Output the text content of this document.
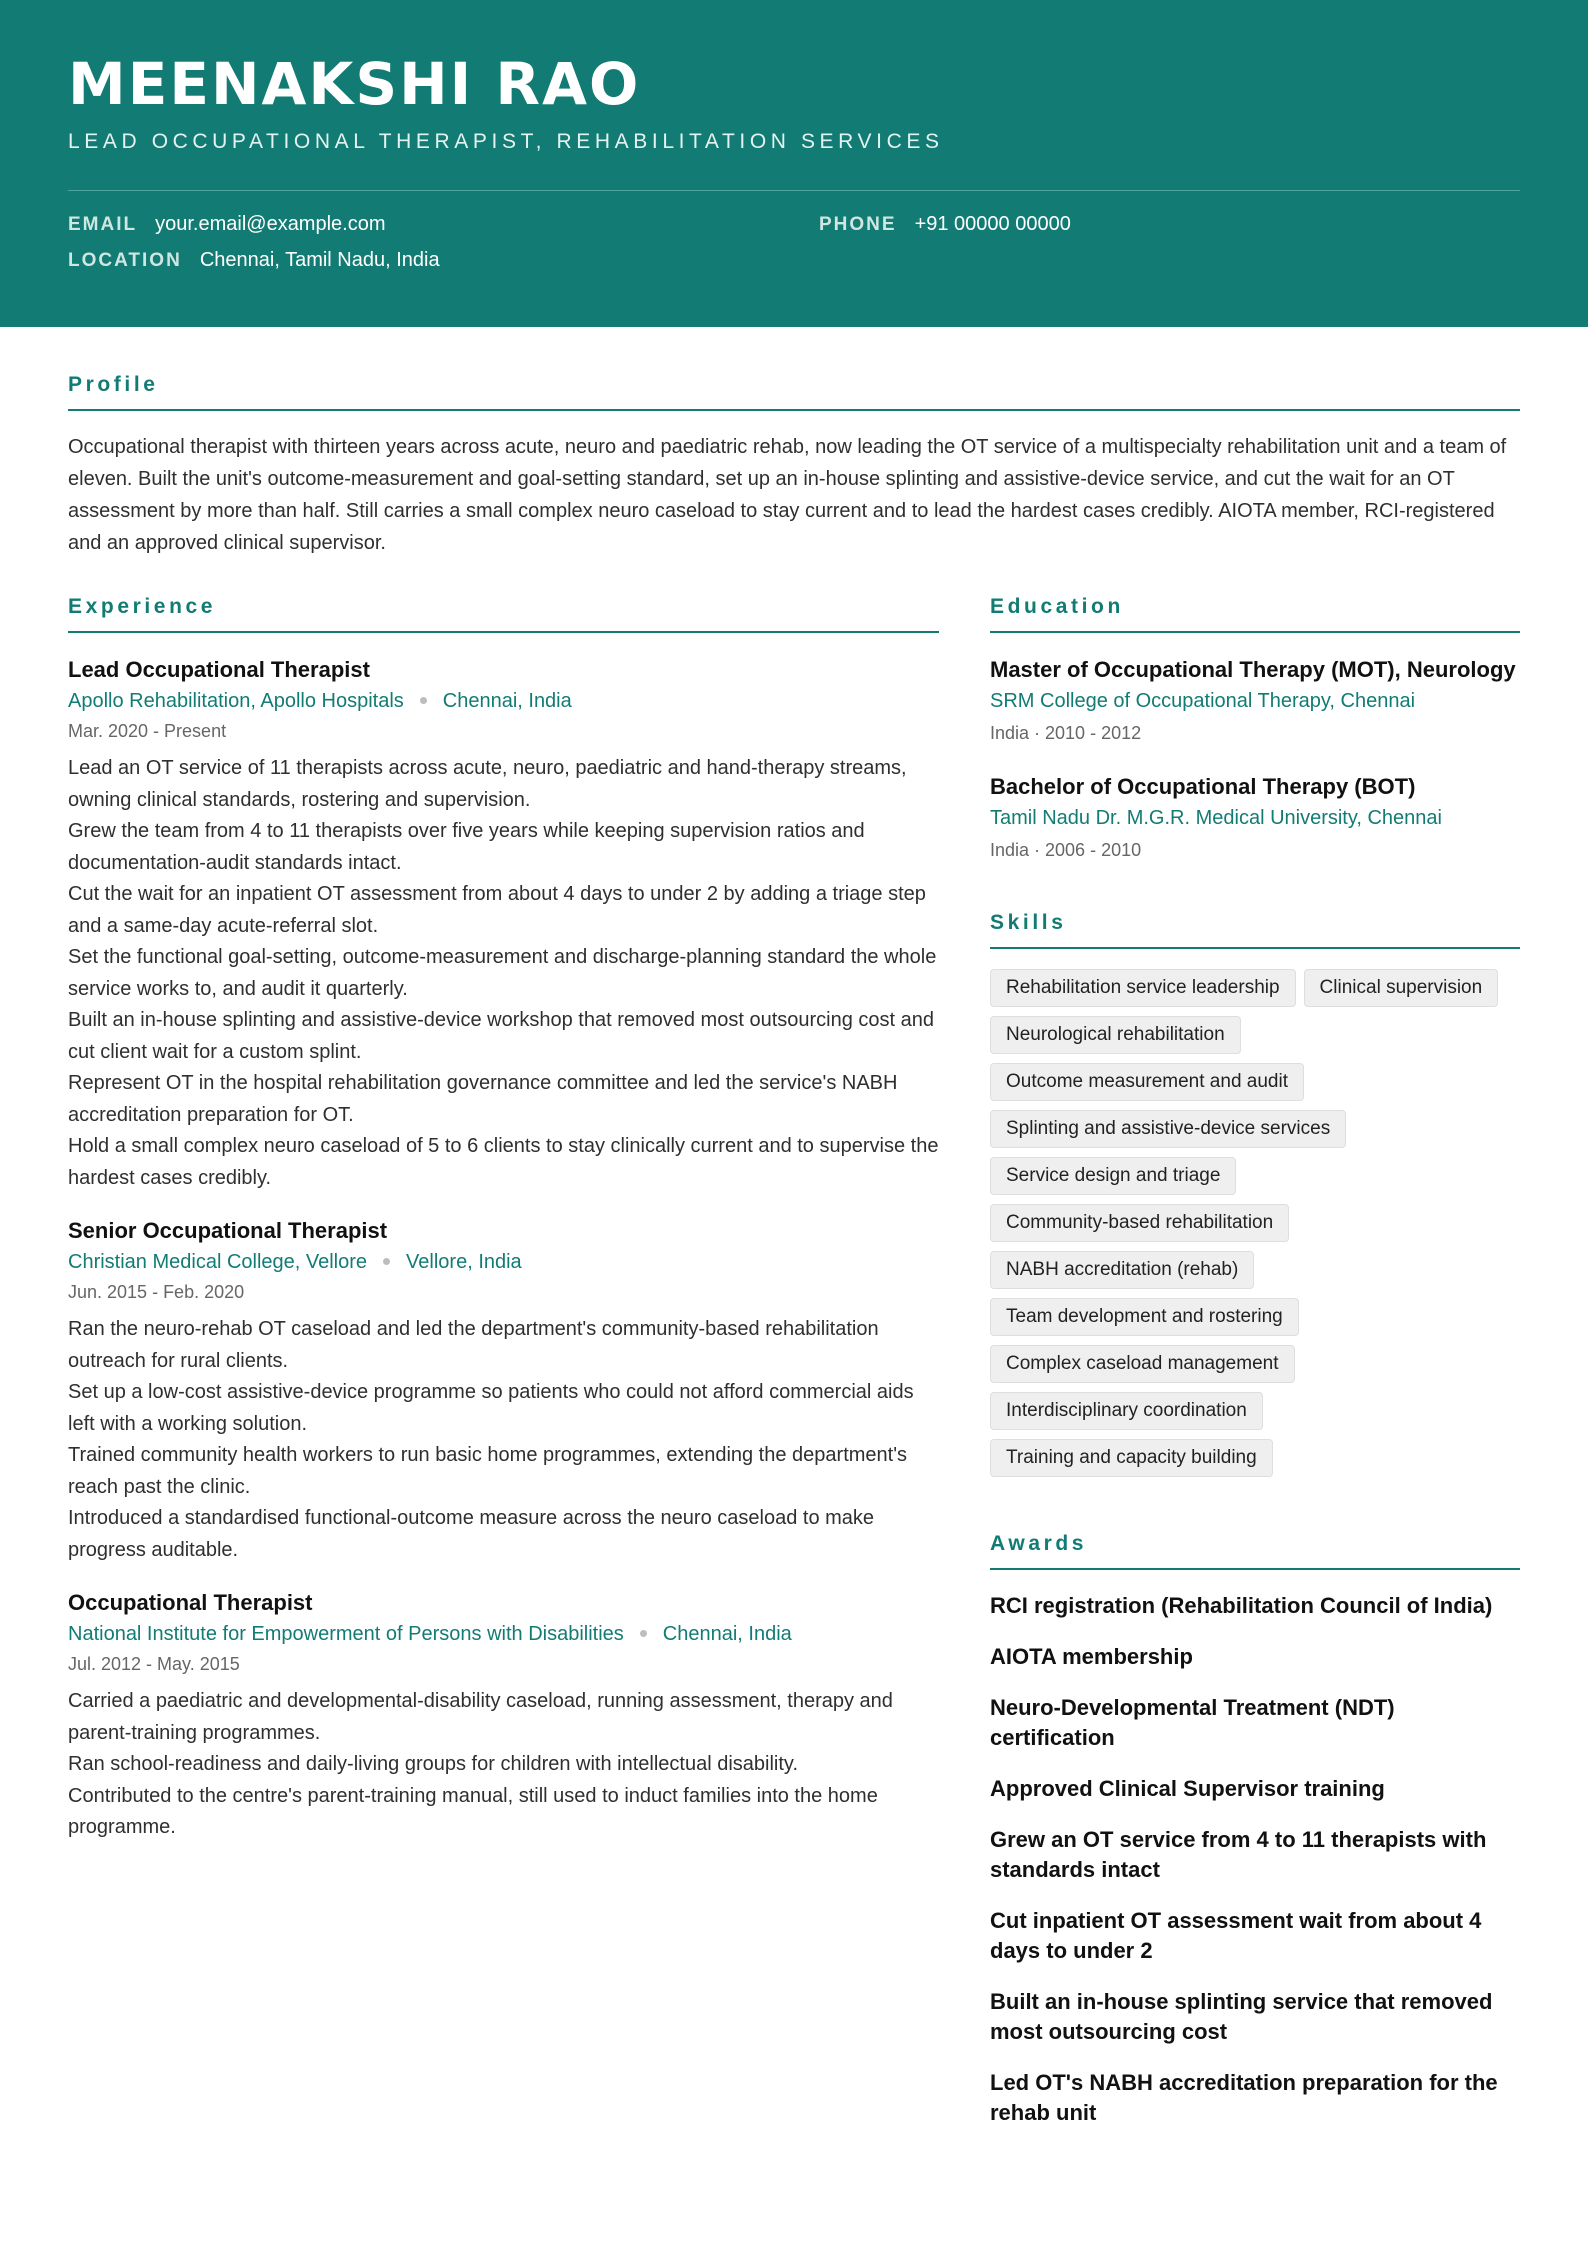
MEENAKSHI RAO
LEAD OCCUPATIONAL THERAPIST, REHABILITATION SERVICES
EMAIL your.email@example.com	PHONE +91 00000 00000
LOCATION Chennai, Tamil Nadu, India
Profile

Occupational therapist with thirteen years across acute, neuro and paediatric rehab, now leading the OT service of a multispecialty rehabilitation unit and a team of eleven. Built the unit's outcome-measurement and goal-setting standard, set up an in-house splinting and assistive-device service, and cut the wait for an OT assessment by more than half. Still carries a small complex neuro caseload to stay current and to lead the hardest cases credibly. AIOTA member, RCI-registered and an approved clinical supervisor.

Experience
Lead Occupational Therapist
Apollo Rehabilitation, Apollo Hospitals Chennai, India
Mar. 2020 - Present
Lead an OT service of 11 therapists across acute, neuro, paediatric and hand-therapy streams, owning clinical standards, rostering and supervision.
Grew the team from 4 to 11 therapists over five years while keeping supervision ratios and documentation-audit standards intact.
Cut the wait for an inpatient OT assessment from about 4 days to under 2 by adding a triage step and a same-day acute-referral slot.
Set the functional goal-setting, outcome-measurement and discharge-planning standard the whole service works to, and audit it quarterly.
Built an in-house splinting and assistive-device workshop that removed most outsourcing cost and cut client wait for a custom splint.
Represent OT in the hospital rehabilitation governance committee and led the service's NABH accreditation preparation for OT.
Hold a small complex neuro caseload of 5 to 6 clients to stay clinically current and to supervise the hardest cases credibly.
Senior Occupational Therapist
Christian Medical College, Vellore Vellore, India
Jun. 2015 - Feb. 2020
Ran the neuro-rehab OT caseload and led the department's community-based rehabilitation outreach for rural clients.
Set up a low-cost assistive-device programme so patients who could not afford commercial aids left with a working solution.
Trained community health workers to run basic home programmes, extending the department's reach past the clinic.
Introduced a standardised functional-outcome measure across the neuro caseload to make progress auditable.
Occupational Therapist
National Institute for Empowerment of Persons with Disabilities Chennai, India
Jul. 2012 - May. 2015
Carried a paediatric and developmental-disability caseload, running assessment, therapy and parent-training programmes.
Ran school-readiness and daily-living groups for children with intellectual disability.
Contributed to the centre's parent-training manual, still used to induct families into the home programme.
Education
Master of Occupational Therapy (MOT), Neurology
SRM College of Occupational Therapy, Chennai
India · 2010 - 2012
Bachelor of Occupational Therapy (BOT)
Tamil Nadu Dr. M.G.R. Medical University, Chennai
India · 2006 - 2010
Skills
Rehabilitation service leadership	Clinical supervision
Neurological rehabilitation
Outcome measurement and audit
Splinting and assistive-device services
Service design and triage
Community-based rehabilitation
NABH accreditation (rehab)
Team development and rostering
Complex caseload management
Interdisciplinary coordination
Training and capacity building
Awards
RCI registration (Rehabilitation Council of India)
AIOTA membership
Neuro-Developmental Treatment (NDT) certification
Approved Clinical Supervisor training
Grew an OT service from 4 to 11 therapists with standards intact
Cut inpatient OT assessment wait from about 4 days to under 2
Built an in-house splinting service that removed most outsourcing cost
Led OT's NABH accreditation preparation for the rehab unit
